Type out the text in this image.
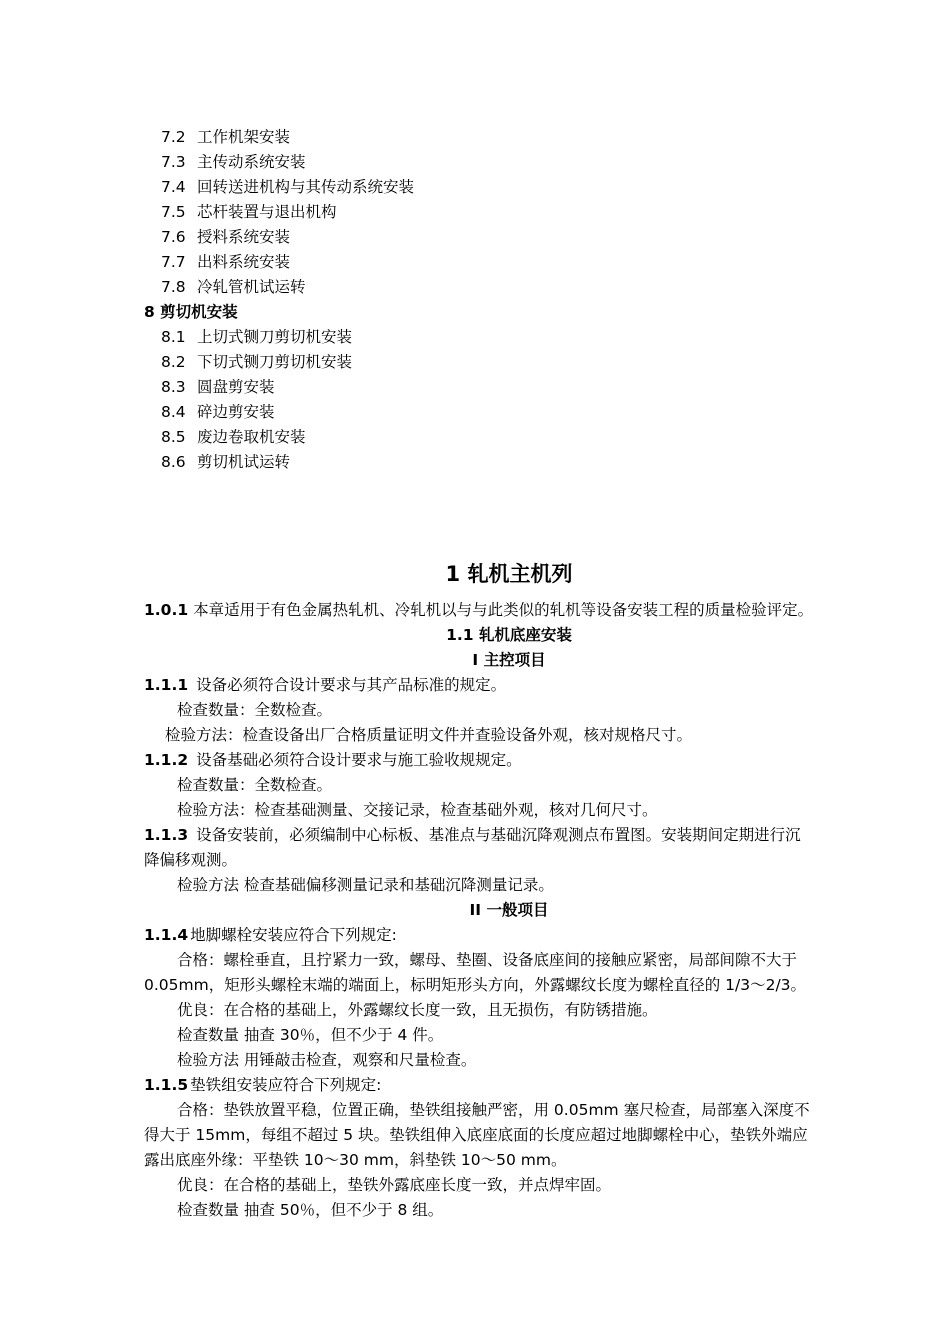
7.2 工作机架安装
7.3 主传动系统安装
7.4 回转送进机构与其传动系统安装
7.5 芯杆装置与退出机构
7.6 授料系统安装
7.7 出料系统安装
7.8 冷轧管机试运转
8 剪切机安装
8.1 上切式铡刀剪切机安装
8.2 下切式铡刀剪切机安装
8.3 圆盘剪安装
8.4 碎边剪安装
8.5 废边卷取机安装
8.6 剪切机试运转
1 轧机主机列
1.0.1 本章适用于有色金属热轧机、冷轧机以与与此类似的轧机等设备安装工程的质量检验评定。
1.1 轧机底座安装
I 主控项目
1.1.1 设备必须符合设计要求与其产品标准的规定。
检查数量：全数检查。
检验方法：检查设备出厂合格质量证明文件并查验设备外观，核对规格尺寸。
1.1.2 设备基础必须符合设计要求与施工验收规规定。
检查数量：全数检查。
检验方法：检查基础测量、交接记录，检查基础外观，核对几何尺寸。
1.1.3 设备安装前，必须编制中心标板、基准点与基础沉降观测点布置图。安装期间定期进行沉
降偏移观测。
检验方法 检查基础偏移测量记录和基础沉降测量记录。
II 一般项目
1.1.4 地脚螺栓安装应符合下列规定:
合格：螺栓垂直，且拧紧力一致，螺母、垫圈、设备底座间的接触应紧密，局部间隙不大于
0.05mm，矩形头螺栓末端的端面上，标明矩形头方向，外露螺纹长度为螺栓直径的 1/3～2/3。
优良：在合格的基础上，外露螺纹长度一致，且无损伤，有防锈措施。
检查数量 抽查 30％，但不少于 4 件。
检验方法 用锤敲击检查，观察和尺量检查。
1.1.5 垫铁组安装应符合下列规定:
合格：垫铁放置平稳，位置正确，垫铁组接触严密，用 0.05mm 塞尺检查，局部塞入深度不
得大于 15mm，每组不超过 5 块。垫铁组伸入底座底面的长度应超过地脚螺栓中心，垫铁外端应
露出底座外缘：平垫铁 10～30 mm，斜垫铁 10～50 mm。
优良：在合格的基础上，垫铁外露底座长度一致，并点焊牢固。
检查数量 抽查 50％，但不少于 8 组。
